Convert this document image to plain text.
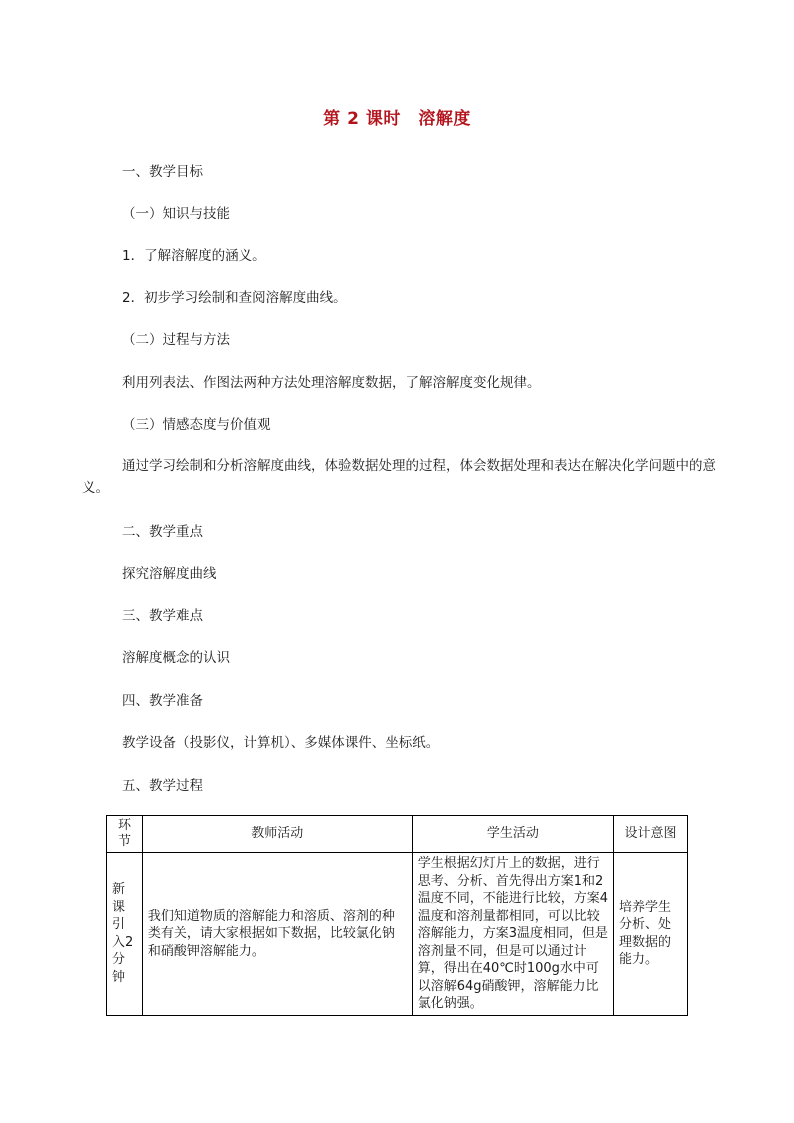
第 2 课时　溶解度
一、教学目标
（一）知识与技能
1．了解溶解度的涵义。
2．初步学习绘制和查阅溶解度曲线。
（二）过程与方法
利用列表法、作图法两种方法处理溶解度数据，了解溶解度变化规律。
（三）情感态度与价值观
通过学习绘制和分析溶解度曲线，体验数据处理的过程，体会数据处理和表达在解决化学问题中的意义。
二、教学重点
探究溶解度曲线
三、教学难点
溶解度概念的认识
四、教学准备
教学设备（投影仪，计算机）、多媒体课件、坐标纸。
五、教学过程
环节	教师活动	学生活动	设计意图
新课引入2分钟	我们知道物质的溶解能力和溶质、溶剂的种类有关，请大家根据如下数据，比较氯化钠和硝酸钾溶解能力。	学生根据幻灯片上的数据，进行思考、分析、首先得出方案1和2温度不同，不能进行比较，方案4温度和溶剂量都相同，可以比较溶解能力，方案3温度相同，但是溶剂量不同，但是可以通过计算，得出在40℃时100g水中可以溶解64g硝酸钾，溶解能力比氯化钠强。	培养学生分析、处理数据的能力。
